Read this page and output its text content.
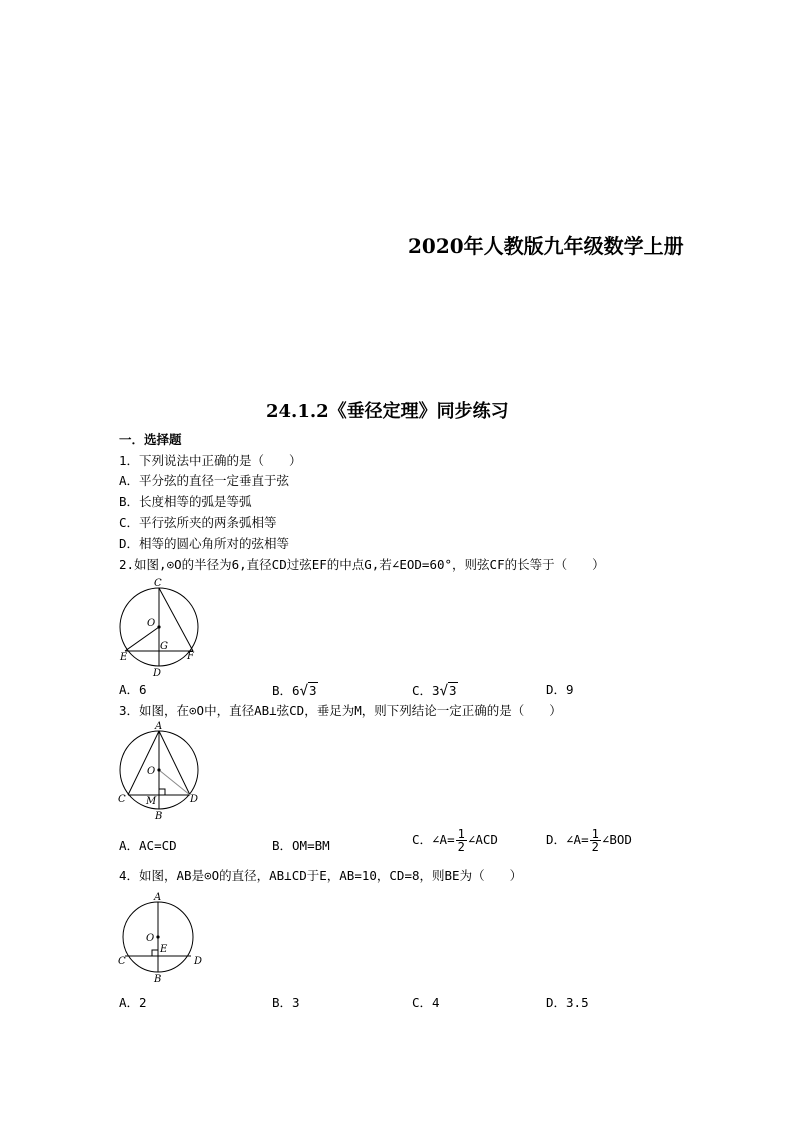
2020年人教版九年级数学上册
24.1.2《垂径定理》同步练习
一．选择题
1．下列说法中正确的是（　　）
A．平分弦的直径一定垂直于弦
B．长度相等的弧是等弧
C．平行弦所夹的两条弧相等
D．相等的圆心角所对的弦相等
2.如图,⊙O的半径为6,直径CD过弦EF的中点G,若∠EOD=60°，则弦CF的长等于（　　）
C
O
G
E	F
D
A．6	B．6√3	C．3√3	D．9
3．如图，在⊙O中，直径AB⊥弦CD，垂足为M，则下列结论一定正确的是（　　）
A
O
C M	D
B
A．AC=CD	B．OM=BM	C．∠A= $\frac{1}{2}$ ∠ACD	D．∠A= $\frac{1}{2}$ ∠BOD
4．如图，AB是⊙O的直径，AB⊥CD于E，AB=10，CD=8，则BE为（　　）
A
O
E
C	D
B
A．2	B．3	C．4	D．3.5
